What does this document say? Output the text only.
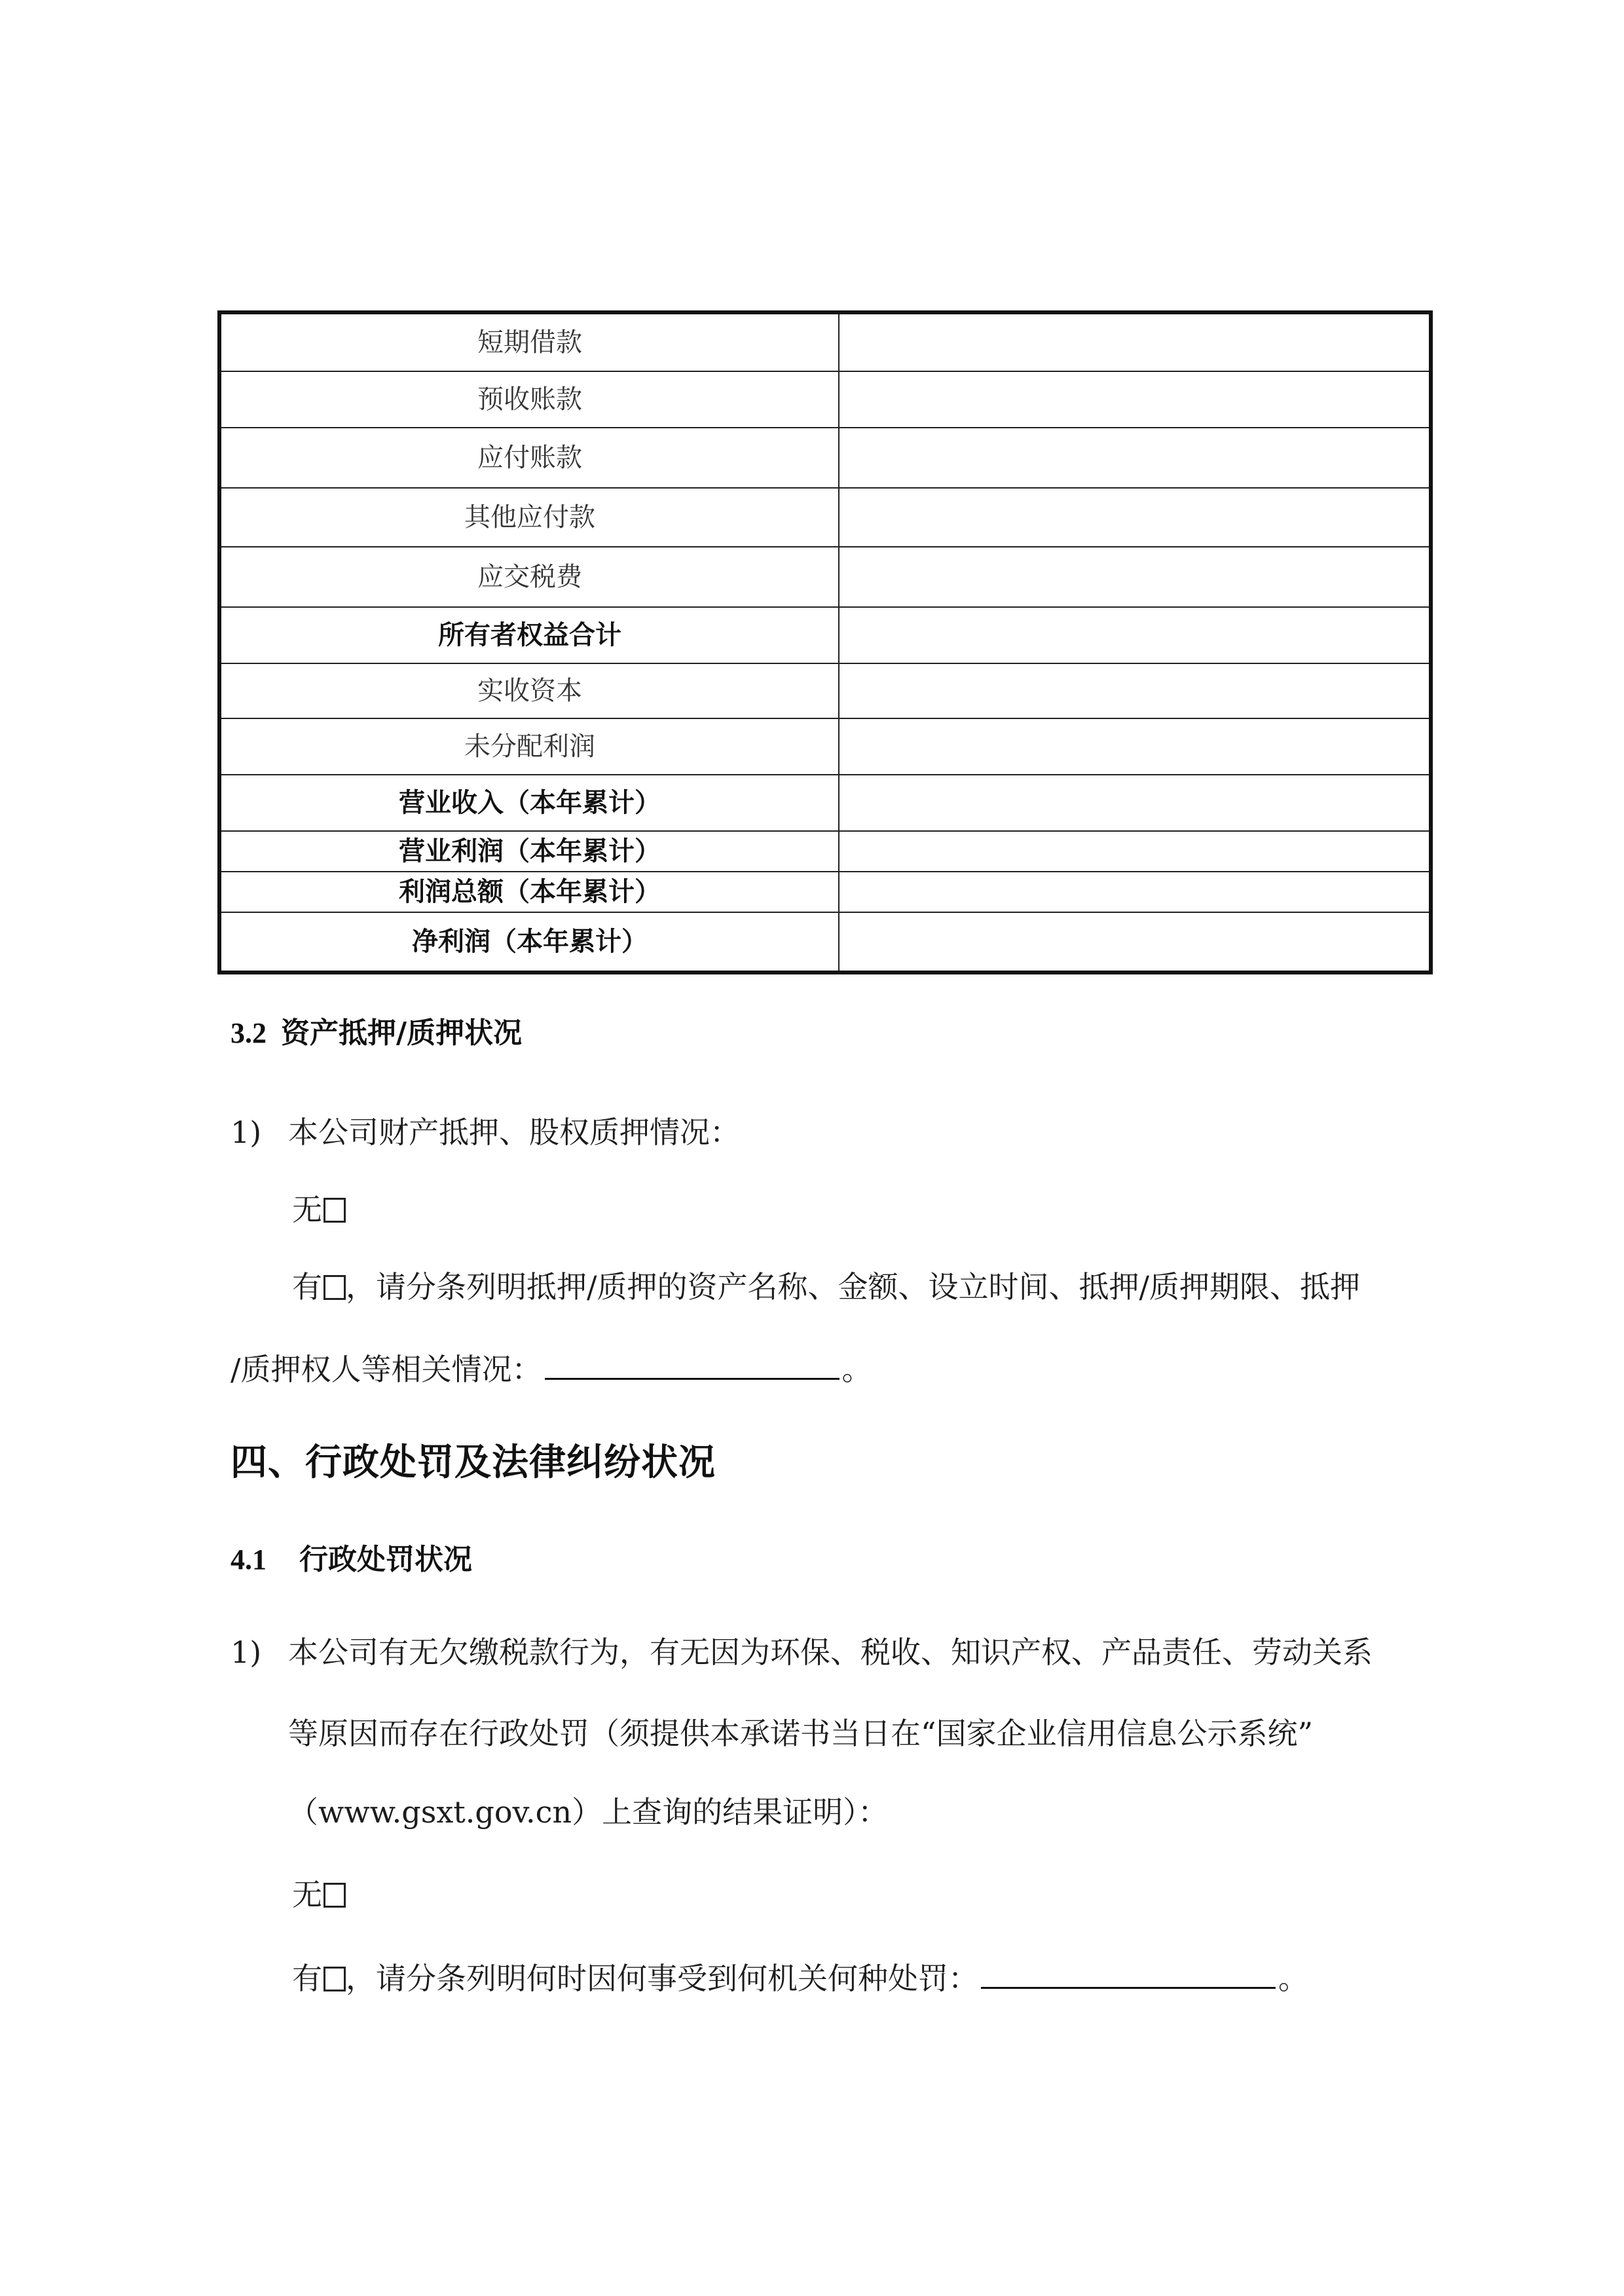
短期借款	
预收账款	
应付账款	
其他应付款	
应交税费	
所有者权益合计	
实收资本	
未分配利润	
营业收入（本年累计）	
营业利润（本年累计）	
利润总额（本年累计）	
净利润（本年累计）	
3.2 资产抵押/质押状况
1) 本公司财产抵押、股权质押情况：
无
有 ，请分条列明抵押/质押的资产名称、金额、设立时间、抵押/质押期限、抵押
/质押权人等相关情况：	。
四、行政处罚及法律纠纷状况
4.1 行政处罚状况
1) 本公司有无欠缴税款行为，有无因为环保、税收、知识产权、产品责任、劳动关系
等原因而存在行政处罚（须提供本承诺书当日在“国家企业信用信息公示系统”
（www.gsxt.gov.cn）上查询的结果证明）：
无
有 ，请分条列明何时因何事受到何机关何种处罚：	。
